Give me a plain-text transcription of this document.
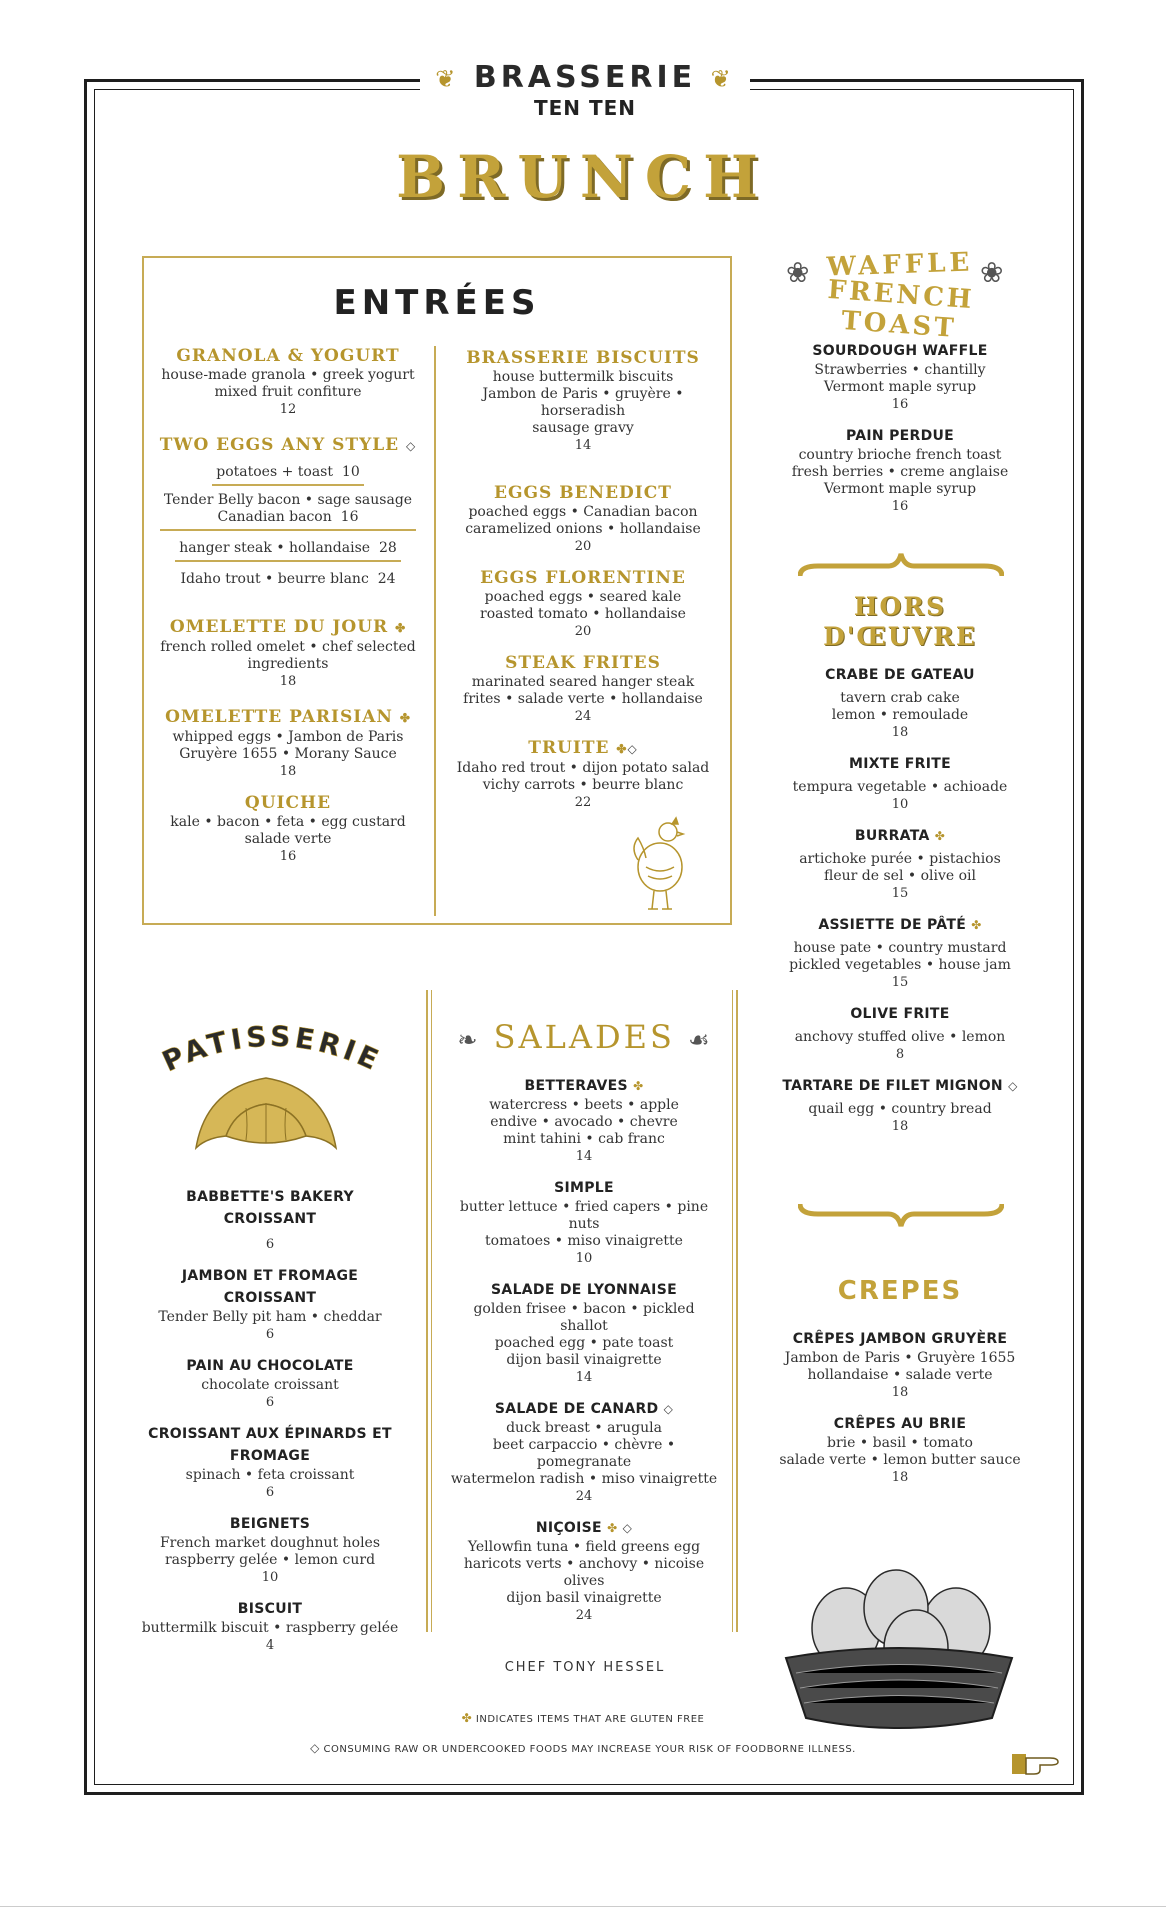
❦ BRASSERIE ❦
TEN TEN
BRUNCH
ENTRÉES
GRANOLA & YOGURT
house-made granola • greek yogurt
mixed fruit confiture
12
TWO EGGS ANY STYLE ◇
potatoes + toast 10
Tender Belly bacon • sage sausage
Canadian bacon 16
hanger steak • hollandaise 28
Idaho trout • beurre blanc 24
OMELETTE DU JOUR ✤
french rolled omelet • chef selected
ingredients
18
OMELETTE PARISIAN ✤
whipped eggs • Jambon de Paris
Gruyère 1655 • Morany Sauce
18
QUICHE
kale • bacon • feta • egg custard
salade verte
16
BRASSERIE BISCUITS
house buttermilk biscuits
Jambon de Paris • gruyère • horseradish
sausage gravy
14
EGGS BENEDICT
poached eggs • Canadian bacon
caramelized onions • hollandaise
20
EGGS FLORENTINE
poached eggs • seared kale
roasted tomato • hollandaise
20
STEAK FRITES
marinated seared hanger steak
frites • salade verte • hollandaise
24
TRUITE ✤◇
Idaho red trout • dijon potato salad
vichy carrots • beurre blanc
22
❀	❀
WAFFLE
FRENCH TOAST
SOURDOUGH WAFFLE
Strawberries • chantilly
Vermont maple syrup
16
PAIN PERDUE
country brioche french toast
fresh berries • creme anglaise
Vermont maple syrup
16
HORS
D'ŒUVRE
CRABE DE GATEAU
tavern crab cake
lemon • remoulade
18
MIXTE FRITE
tempura vegetable • achioade
10
BURRATA ✤
artichoke purée • pistachios
fleur de sel • olive oil
15
ASSIETTE DE PÂTÉ ✤
house pate • country mustard
pickled vegetables • house jam
15
OLIVE FRITE
anchovy stuffed olive • lemon
8
TARTARE DE FILET MIGNON ◇
quail egg • country bread
18
CREPES
CRÊPES JAMBON GRUYÈRE
Jambon de Paris • Gruyère 1655
hollandaise • salade verte
18
CRÊPES AU BRIE
brie • basil • tomato
salade verte • lemon butter sauce
18
PATISSERIE
BABBETTE'S BAKERY
CROISSANT
6
JAMBON ET FROMAGE
CROISSANT
Tender Belly pit ham • cheddar
6
PAIN AU CHOCOLATE
chocolate croissant
6
CROISSANT AUX ÉPINARDS ET
FROMAGE
spinach • feta croissant
6
BEIGNETS
French market doughnut holes
raspberry gelée • lemon curd
10
BISCUIT
buttermilk biscuit • raspberry gelée
4
❧ SALADES ☙
BETTERAVES ✤
watercress • beets • apple
endive • avocado • chevre
mint tahini • cab franc
14
SIMPLE
butter lettuce • fried capers • pine nuts
tomatoes • miso vinaigrette
10
SALADE DE LYONNAISE
golden frisee • bacon • pickled shallot
poached egg • pate toast
dijon basil vinaigrette
14
SALADE DE CANARD ◇
duck breast • arugula
beet carpaccio • chèvre • pomegranate
watermelon radish • miso vinaigrette
24
NIÇOISE ✤ ◇
Yellowfin tuna • field greens egg
haricots verts • anchovy • nicoise olives
dijon basil vinaigrette
24
CHEF TONY HESSEL
✤ INDICATES ITEMS THAT ARE GLUTEN FREE
◇ CONSUMING RAW OR UNDERCOOKED FOODS MAY INCREASE YOUR RISK OF FOODBORNE ILLNESS.
